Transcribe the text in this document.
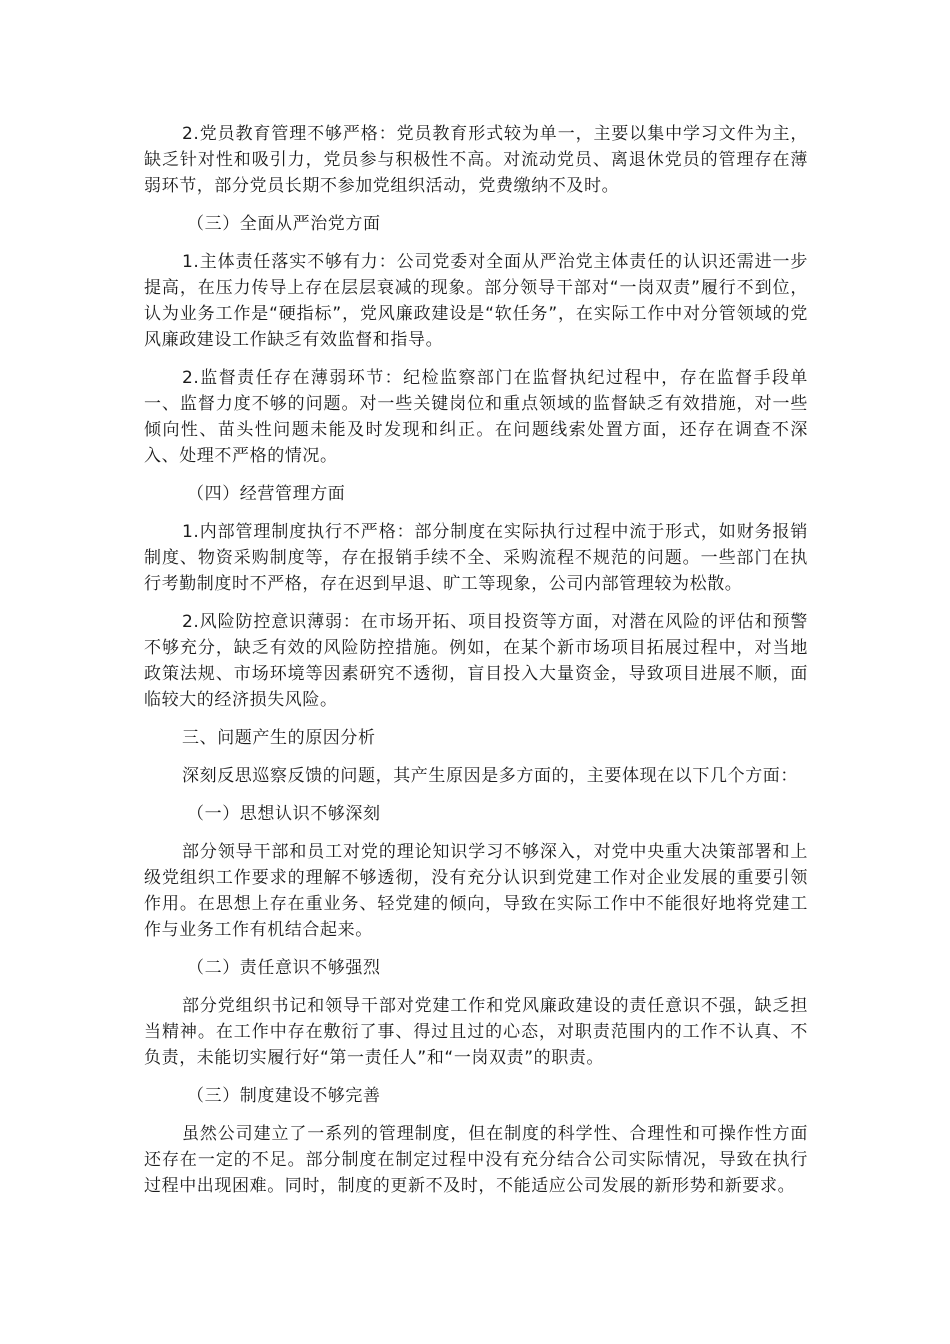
2.党员教育管理不够严格：党员教育形式较为单一，主要以集中学习文件为主，缺乏针对性和吸引力，党员参与积极性不高。对流动党员、离退休党员的管理存在薄弱环节，部分党员长期不参加党组织活动，党费缴纳不及时。

（三）全面从严治党方面

1.主体责任落实不够有力：公司党委对全面从严治党主体责任的认识还需进一步提高，在压力传导上存在层层衰减的现象。部分领导干部对“一岗双责”履行不到位，认为业务工作是“硬指标”，党风廉政建设是“软任务”，在实际工作中对分管领域的党风廉政建设工作缺乏有效监督和指导。

2.监督责任存在薄弱环节：纪检监察部门在监督执纪过程中，存在监督手段单一、监督力度不够的问题。对一些关键岗位和重点领域的监督缺乏有效措施，对一些倾向性、苗头性问题未能及时发现和纠正。在问题线索处置方面，还存在调查不深入、处理不严格的情况。

（四）经营管理方面

1.内部管理制度执行不严格：部分制度在实际执行过程中流于形式，如财务报销制度、物资采购制度等，存在报销手续不全、采购流程不规范的问题。一些部门在执行考勤制度时不严格，存在迟到早退、旷工等现象，公司内部管理较为松散。

2.风险防控意识薄弱：在市场开拓、项目投资等方面，对潜在风险的评估和预警不够充分，缺乏有效的风险防控措施。例如，在某个新市场项目拓展过程中，对当地政策法规、市场环境等因素研究不透彻，盲目投入大量资金，导致项目进展不顺，面临较大的经济损失风险。

三、问题产生的原因分析

深刻反思巡察反馈的问题，其产生原因是多方面的，主要体现在以下几个方面：

（一）思想认识不够深刻

部分领导干部和员工对党的理论知识学习不够深入，对党中央重大决策部署和上级党组织工作要求的理解不够透彻，没有充分认识到党建工作对企业发展的重要引领作用。在思想上存在重业务、轻党建的倾向，导致在实际工作中不能很好地将党建工作与业务工作有机结合起来。

（二）责任意识不够强烈

部分党组织书记和领导干部对党建工作和党风廉政建设的责任意识不强，缺乏担当精神。在工作中存在敷衍了事、得过且过的心态，对职责范围内的工作不认真、不负责，未能切实履行好“第一责任人”和“一岗双责”的职责。

（三）制度建设不够完善

虽然公司建立了一系列的管理制度，但在制度的科学性、合理性和可操作性方面还存在一定的不足。部分制度在制定过程中没有充分结合公司实际情况，导致在执行过程中出现困难。同时，制度的更新不及时，不能适应公司发展的新形势和新要求。
